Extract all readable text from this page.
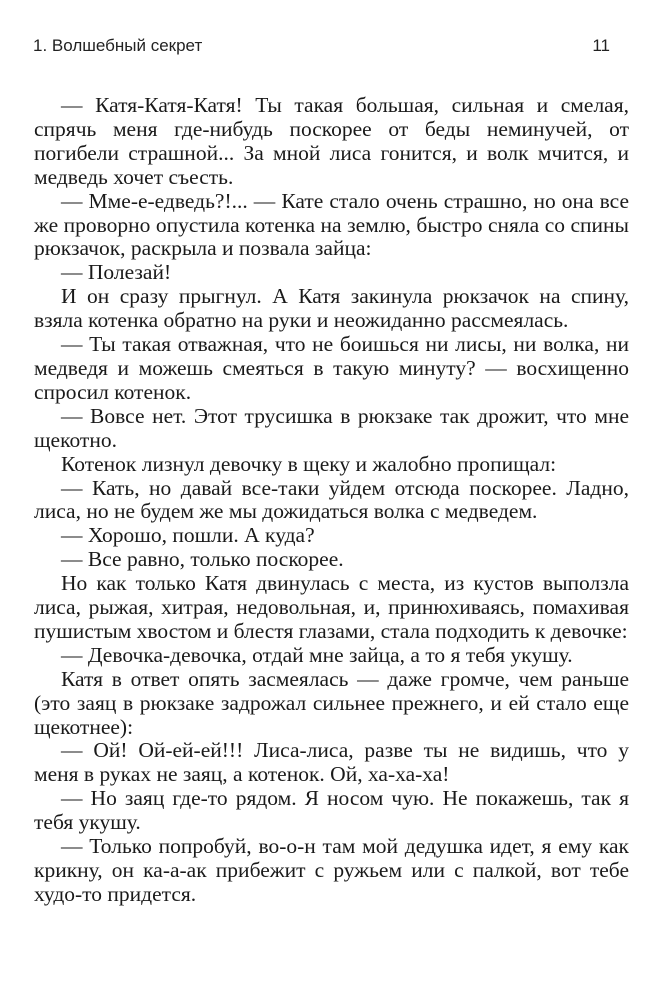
1. Волшебный секрет	11

— Катя-Катя-Катя! Ты такая большая, сильная и смелая, спрячь меня где-нибудь поскорее от беды неминучей, от погибели страшной... За мной лиса гонится, и волк мчится, и медведь хочет съесть.

— Мме-е-едведь?!... — Кате стало очень страшно, но она все же проворно опустила котенка на землю, быстро сняла со спины рюкзачок, раскрыла и позвала зайца:

— Полезай!

И он сразу прыгнул. А Катя закинула рюкзачок на спину, взяла котенка обратно на руки и неожиданно рассмеялась.

— Ты такая отважная, что не боишься ни лисы, ни волка, ни медведя и можешь смеяться в такую минуту? — восхищенно спросил котенок.

— Вовсе нет. Этот трусишка в рюкзаке так дрожит, что мне щекотно.

Котенок лизнул девочку в щеку и жалобно пропищал:

— Кать, но давай все-таки уйдем отсюда поскорее. Ладно, лиса, но не будем же мы дожидаться волка с медведем.

— Хорошо, пошли. А куда?

— Все равно, только поскорее.

Но как только Катя двинулась с места, из кустов выползла лиса, рыжая, хитрая, недовольная, и, принюхиваясь, помахивая пушистым хвостом и блестя глазами, стала подходить к девочке:

— Девочка-девочка, отдай мне зайца, а то я тебя укушу.

Катя в ответ опять засмеялась — даже громче, чем раньше (это заяц в рюкзаке задрожал сильнее прежнего, и ей стало еще щекотнее):

— Ой! Ой-ей-ей!!! Лиса-лиса, разве ты не видишь, что у меня в руках не заяц, а котенок. Ой, ха-ха-ха!

— Но заяц где-то рядом. Я носом чую. Не покажешь, так я тебя укушу.

— Только попробуй, во-о-н там мой дедушка идет, я ему как крикну, он ка-а-ак прибежит с ружьем или с палкой, вот тебе худо-то придется.
